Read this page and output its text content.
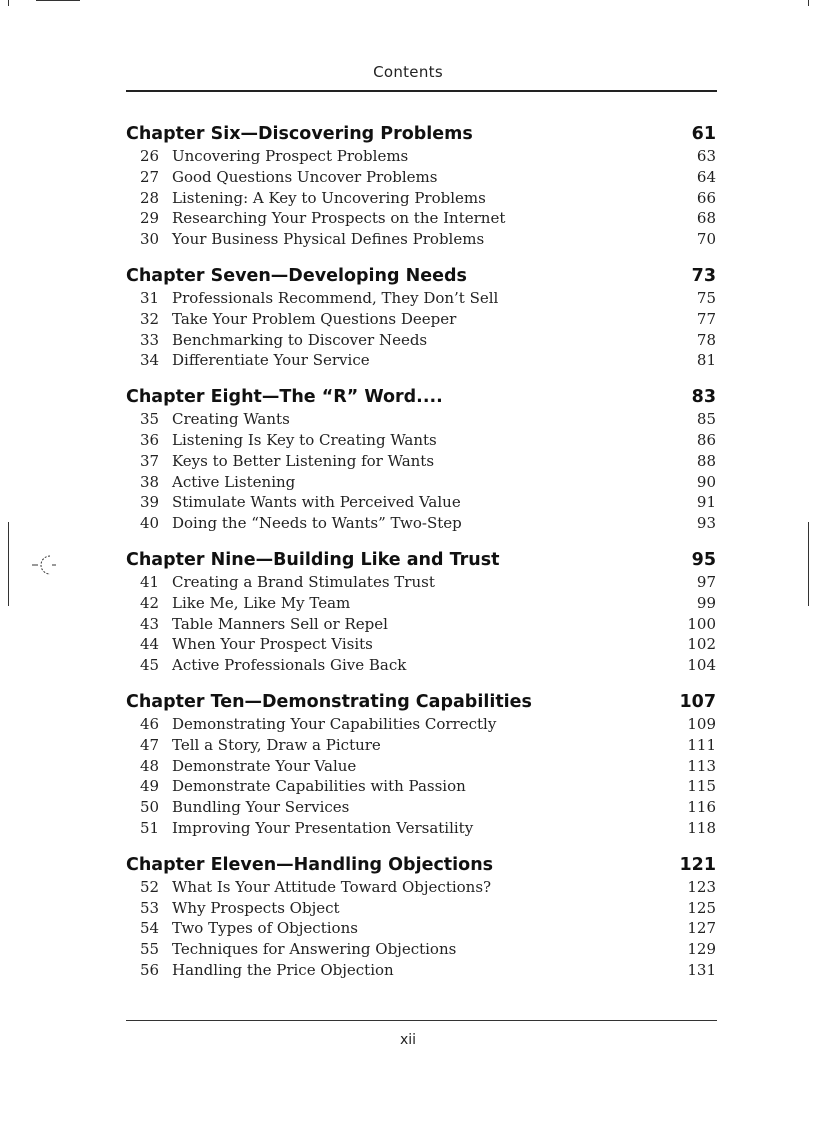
Contents
Chapter Six—Discovering Problems	61
26 Uncovering Prospect Problems	63
27 Good Questions Uncover Problems	64
28 Listening: A Key to Uncovering Problems	66
29 Researching Your Prospects on the Internet	68
30 Your Business Physical Defines Problems	70
Chapter Seven—Developing Needs	73
31 Professionals Recommend, They Don’t Sell	75
32 Take Your Problem Questions Deeper	77
33 Benchmarking to Discover Needs	78
34 Differentiate Your Service	81
Chapter Eight—The “R” Word....	83
35 Creating Wants	85
36 Listening Is Key to Creating Wants	86
37 Keys to Better Listening for Wants	88
38 Active Listening	90
39 Stimulate Wants with Perceived Value	91
40 Doing the “Needs to Wants” Two-Step	93
Chapter Nine—Building Like and Trust	95
41 Creating a Brand Stimulates Trust	97
42 Like Me, Like My Team	99
43 Table Manners Sell or Repel	100
44 When Your Prospect Visits	102
45 Active Professionals Give Back	104
Chapter Ten—Demonstrating Capabilities	107
46 Demonstrating Your Capabilities Correctly	109
47 Tell a Story, Draw a Picture	111
48 Demonstrate Your Value	113
49 Demonstrate Capabilities with Passion	115
50 Bundling Your Services	116
51 Improving Your Presentation Versatility	118
Chapter Eleven—Handling Objections	121
52 What Is Your Attitude Toward Objections?	123
53 Why Prospects Object	125
54 Two Types of Objections	127
55 Techniques for Answering Objections	129
56 Handling the Price Objection	131
xii
